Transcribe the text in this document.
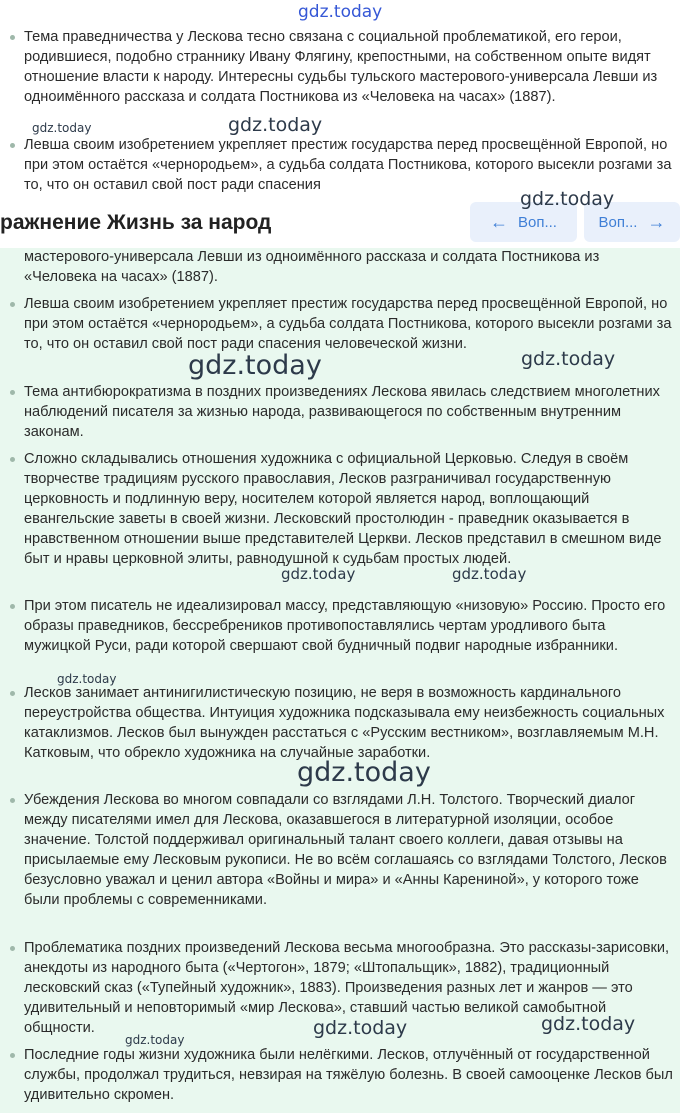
Тема праведничества у Лескова тесно связана с социальной проблематикой, его герои, родившиеся, подобно страннику Ивану Флягину, крепостными, на собственном опыте видят отношение власти к народу. Интересны судьбы тульского мастерового-универсала Левши из одноимённого рассказа и солдата Постникова из «Человека на часах» (1887).
Левша своим изобретением укрепляет престиж государства перед просвещённой Европой, но при этом остаётся «чернородьем», а судьба солдата Постникова, которого высекли розгами за то, что он оставил свой пост ради спасения
мастерового-универсала Левши из одноимённого рассказа и солдата Постникова из «Человека на часах» (1887).
Левша своим изобретением укрепляет престиж государства перед просвещённой Европой, но при этом остаётся «чернородьем», а судьба солдата Постникова, которого высекли розгами за то, что он оставил свой пост ради спасения человеческой жизни.
Тема антибюрократизма в поздних произведениях Лескова явилась следствием многолетних наблюдений писателя за жизнью народа, развивающегося по собственным внутренним законам.
Сложно складывались отношения художника с официальной Церковью. Следуя в своём творчестве традициям русского православия, Лесков разграничивал государственную церковность и подлинную веру, носителем которой является народ, воплощающий евангельские заветы в своей жизни. Лесковский простолюдин - праведник оказывается в нравственном отношении выше представителей Церкви. Лесков представил в смешном виде быт и нравы церковной элиты, равнодушной к судьбам простых людей.
При этом писатель не идеализировал массу, представляющую «низовую» Россию. Просто его образы праведников, бессребреников противопоставлялись чертам уродливого быта мужицкой Руси, ради которой свершают свой будничный подвиг народные избранники.
Лесков занимает антинигилистическую позицию, не веря в возможность кардинального переустройства общества. Интуиция художника подсказывала ему неизбежность социальных катаклизмов. Лесков был вынужден расстаться с «Русским вестником», возглавляемым М.Н. Катковым, что обрекло художника на случайные заработки.
Убеждения Лескова во многом совпадали со взглядами Л.Н. Толстого. Творческий диалог между писателями имел для Лескова, оказавшегося в литературной изоляции, особое значение. Толстой поддерживал оригинальный талант своего коллеги, давая отзывы на присылаемые ему Лесковым рукописи. Не во всём соглашаясь со взглядами Толстого, Лесков безусловно уважал и ценил автора «Войны и мира» и «Анны Карениной», у которого тоже были проблемы с современниками.
Проблематика поздних произведений Лескова весьма многообразна. Это рассказы-зарисовки, анекдоты из народного быта («Чертогон», 1879; «Штопальщик», 1882), традиционный лесковский сказ («Тупейный художник», 1883). Произведения разных лет и жанров — это удивительный и неповторимый «мир Лескова», ставший частью великой самобытной общности.
Последние годы жизни художника были нелёгкими. Лесков, отлучённый от государственной службы, продолжал трудиться, невзирая на тяжёлую болезнь. В своей самооценке Лесков был удивительно скромен.
ражнение Жизнь за народ	← Воп...	Воп... →
gdz.today
gdz.today	gdz.today
gdz.today
gdz.today	gdz.today
gdz.today	gdz.today
gdz.today
gdz.today
gdz.today	gdz.today
gdz.today
